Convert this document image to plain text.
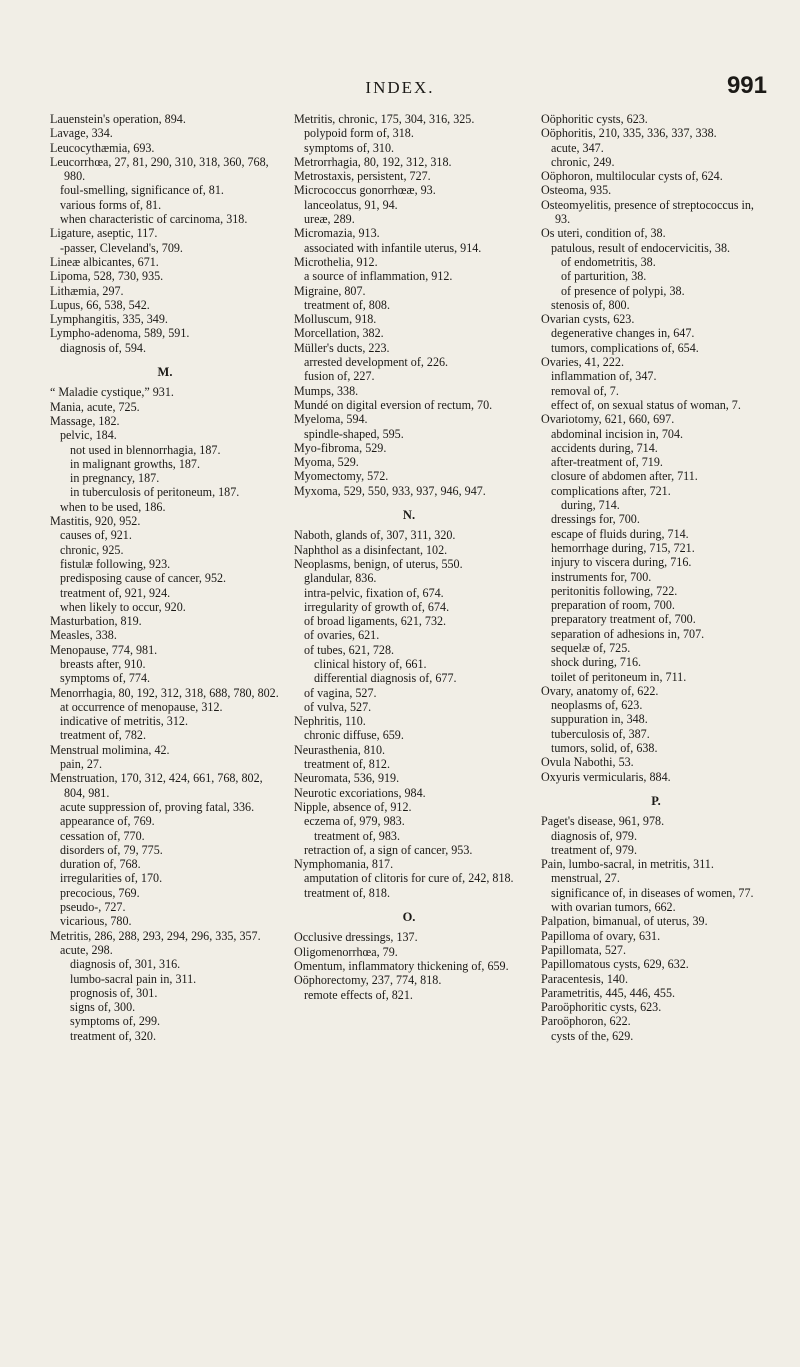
INDEX.	991
Lauenstein's operation, 894.
Lavage, 334.
Leucocythæmia, 693.
Leucorrhœa, 27, 81, 290, 310, 318, 360, 768, 980.
foul-smelling, significance of, 81.
various forms of, 81.
when characteristic of carcinoma, 318.
Ligature, aseptic, 117.
-passer, Cleveland's, 709.
Lineæ albicantes, 671.
Lipoma, 528, 730, 935.
Lithæmia, 297.
Lupus, 66, 538, 542.
Lymphangitis, 335, 349.
Lympho-adenoma, 589, 591.
diagnosis of, 594.
M.
“ Maladie cystique,” 931.
Mania, acute, 725.
Massage, 182.
pelvic, 184.
not used in blennorrhagia, 187.
in malignant growths, 187.
in pregnancy, 187.
in tuberculosis of peritoneum, 187.
when to be used, 186.
Mastitis, 920, 952.
causes of, 921.
chronic, 925.
fistulæ following, 923.
predisposing cause of cancer, 952.
treatment of, 921, 924.
when likely to occur, 920.
Masturbation, 819.
Measles, 338.
Menopause, 774, 981.
breasts after, 910.
symptoms of, 774.
Menorrhagia, 80, 192, 312, 318, 688, 780, 802.
at occurrence of menopause, 312.
indicative of metritis, 312.
treatment of, 782.
Menstrual molimina, 42.
pain, 27.
Menstruation, 170, 312, 424, 661, 768, 802, 804, 981.
acute suppression of, proving fatal, 336.
appearance of, 769.
cessation of, 770.
disorders of, 79, 775.
duration of, 768.
irregularities of, 170.
precocious, 769.
pseudo-, 727.
vicarious, 780.
Metritis, 286, 288, 293, 294, 296, 335, 357.
acute, 298.
diagnosis of, 301, 316.
lumbo-sacral pain in, 311.
prognosis of, 301.
signs of, 300.
symptoms of, 299.
treatment of, 320.
Metritis, chronic, 175, 304, 316, 325.
polypoid form of, 318.
symptoms of, 310.
Metrorrhagia, 80, 192, 312, 318.
Metrostaxis, persistent, 727.
Micrococcus gonorrhœæ, 93.
lanceolatus, 91, 94.
ureæ, 289.
Micromazia, 913.
associated with infantile uterus, 914.
Microthelia, 912.
a source of inflammation, 912.
Migraine, 807.
treatment of, 808.
Molluscum, 918.
Morcellation, 382.
Müller's ducts, 223.
arrested development of, 226.
fusion of, 227.
Mumps, 338.
Mundé on digital eversion of rectum, 70.
Myeloma, 594.
spindle-shaped, 595.
Myo-fibroma, 529.
Myoma, 529.
Myomectomy, 572.
Myxoma, 529, 550, 933, 937, 946, 947.
N.
Naboth, glands of, 307, 311, 320.
Naphthol as a disinfectant, 102.
Neoplasms, benign, of uterus, 550.
glandular, 836.
intra-pelvic, fixation of, 674.
irregularity of growth of, 674.
of broad ligaments, 621, 732.
of ovaries, 621.
of tubes, 621, 728.
clinical history of, 661.
differential diagnosis of, 677.
of vagina, 527.
of vulva, 527.
Nephritis, 110.
chronic diffuse, 659.
Neurasthenia, 810.
treatment of, 812.
Neuromata, 536, 919.
Neurotic excoriations, 984.
Nipple, absence of, 912.
eczema of, 979, 983.
treatment of, 983.
retraction of, a sign of cancer, 953.
Nymphomania, 817.
amputation of clitoris for cure of, 242, 818.
treatment of, 818.
O.
Occlusive dressings, 137.
Oligomenorrhœa, 79.
Omentum, inflammatory thickening of, 659.
Oöphorectomy, 237, 774, 818.
remote effects of, 821.
Oöphoritic cysts, 623.
Oöphoritis, 210, 335, 336, 337, 338.
acute, 347.
chronic, 249.
Oöphoron, multilocular cysts of, 624.
Osteoma, 935.
Osteomyelitis, presence of streptococcus in, 93.
Os uteri, condition of, 38.
patulous, result of endocervicitis, 38.
of endometritis, 38.
of parturition, 38.
of presence of polypi, 38.
stenosis of, 800.
Ovarian cysts, 623.
degenerative changes in, 647.
tumors, complications of, 654.
Ovaries, 41, 222.
inflammation of, 347.
removal of, 7.
effect of, on sexual status of woman, 7.
Ovariotomy, 621, 660, 697.
abdominal incision in, 704.
accidents during, 714.
after-treatment of, 719.
closure of abdomen after, 711.
complications after, 721.
during, 714.
dressings for, 700.
escape of fluids during, 714.
hemorrhage during, 715, 721.
injury to viscera during, 716.
instruments for, 700.
peritonitis following, 722.
preparation of room, 700.
preparatory treatment of, 700.
separation of adhesions in, 707.
sequelæ of, 725.
shock during, 716.
toilet of peritoneum in, 711.
Ovary, anatomy of, 622.
neoplasms of, 623.
suppuration in, 348.
tuberculosis of, 387.
tumors, solid, of, 638.
Ovula Nabothi, 53.
Oxyuris vermicularis, 884.
P.
Paget's disease, 961, 978.
diagnosis of, 979.
treatment of, 979.
Pain, lumbo-sacral, in metritis, 311.
menstrual, 27.
significance of, in diseases of women, 77.
with ovarian tumors, 662.
Palpation, bimanual, of uterus, 39.
Papilloma of ovary, 631.
Papillomata, 527.
Papillomatous cysts, 629, 632.
Paracentesis, 140.
Parametritis, 445, 446, 455.
Paroöphoritic cysts, 623.
Paroöphoron, 622.
cysts of the, 629.
